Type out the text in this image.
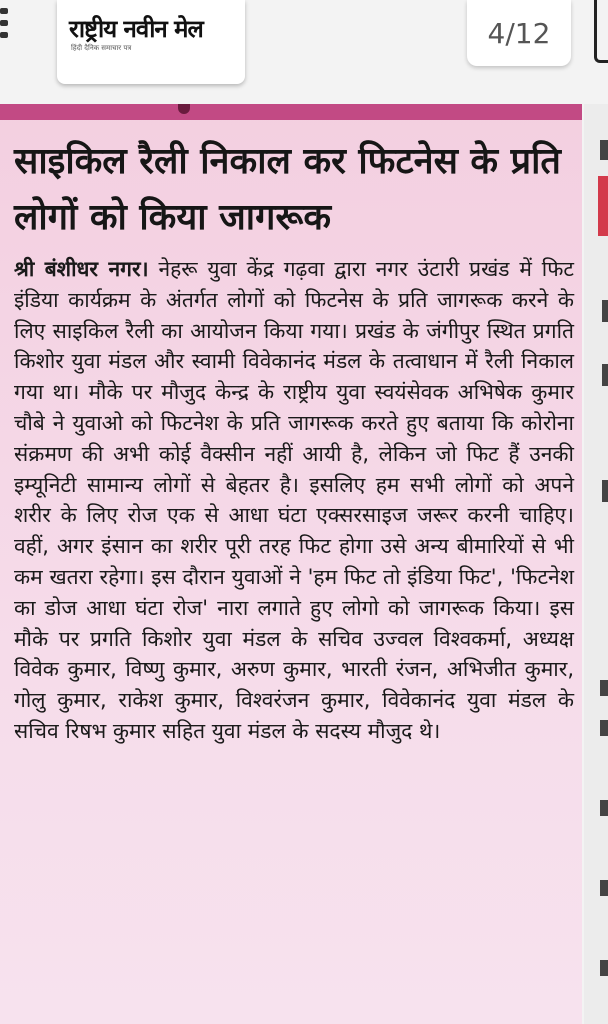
राष्ट्रीय नवीन मेल
हिंदी दैनिक समाचार पत्र	4/12
साइकिल रैली निकाल कर फिटनेस के प्रति लोगों को किया जागरूक

श्री बंशीधर नगर। नेहरू युवा केंद्र गढ़वा द्वारा नगर उंटारी प्रखंड में फिट इंडिया कार्यक्रम के अंतर्गत लोगों को फिटनेस के प्रति जागरूक करने के लिए साइकिल रैली का आयोजन किया गया। प्रखंड के जंगीपुर स्थित प्रगति किशोर युवा मंडल और स्वामी विवेकानंद मंडल के तत्वाधान में रैली निकाल गया था। मौके पर मौजुद केन्द्र के राष्ट्रीय युवा स्वयंसेवक अभिषेक कुमार चौबे ने युवाओ को फिटनेश के प्रति जागरूक करते हुए बताया कि कोरोना संक्रमण की अभी कोई वैक्सीन नहीं आयी है, लेकिन जो फिट हैं उनकी इम्यूनिटी सामान्य लोगों से बेहतर है। इसलिए हम सभी लोगों को अपने शरीर के लिए रोज एक से आधा घंटा एक्सरसाइज जरूर करनी चाहिए। वहीं, अगर इंसान का शरीर पूरी तरह फिट होगा उसे अन्य बीमारियों से भी कम खतरा रहेगा। इस दौरान युवाओं ने 'हम फिट तो इंडिया फिट', 'फिटनेश का डोज आधा घंटा रोज' नारा लगाते हुए लोगो को जागरूक किया। इस मौके पर प्रगति किशोर युवा मंडल के सचिव उज्वल विश्वकर्मा, अध्यक्ष विवेक कुमार, विष्णु कुमार, अरुण कुमार, भारती रंजन, अभिजीत कुमार, गोलु कुमार, राकेश कुमार, विश्वरंजन कुमार, विवेकानंद युवा मंडल के सचिव रिषभ कुमार सहित युवा मंडल के सदस्य मौजुद थे।
